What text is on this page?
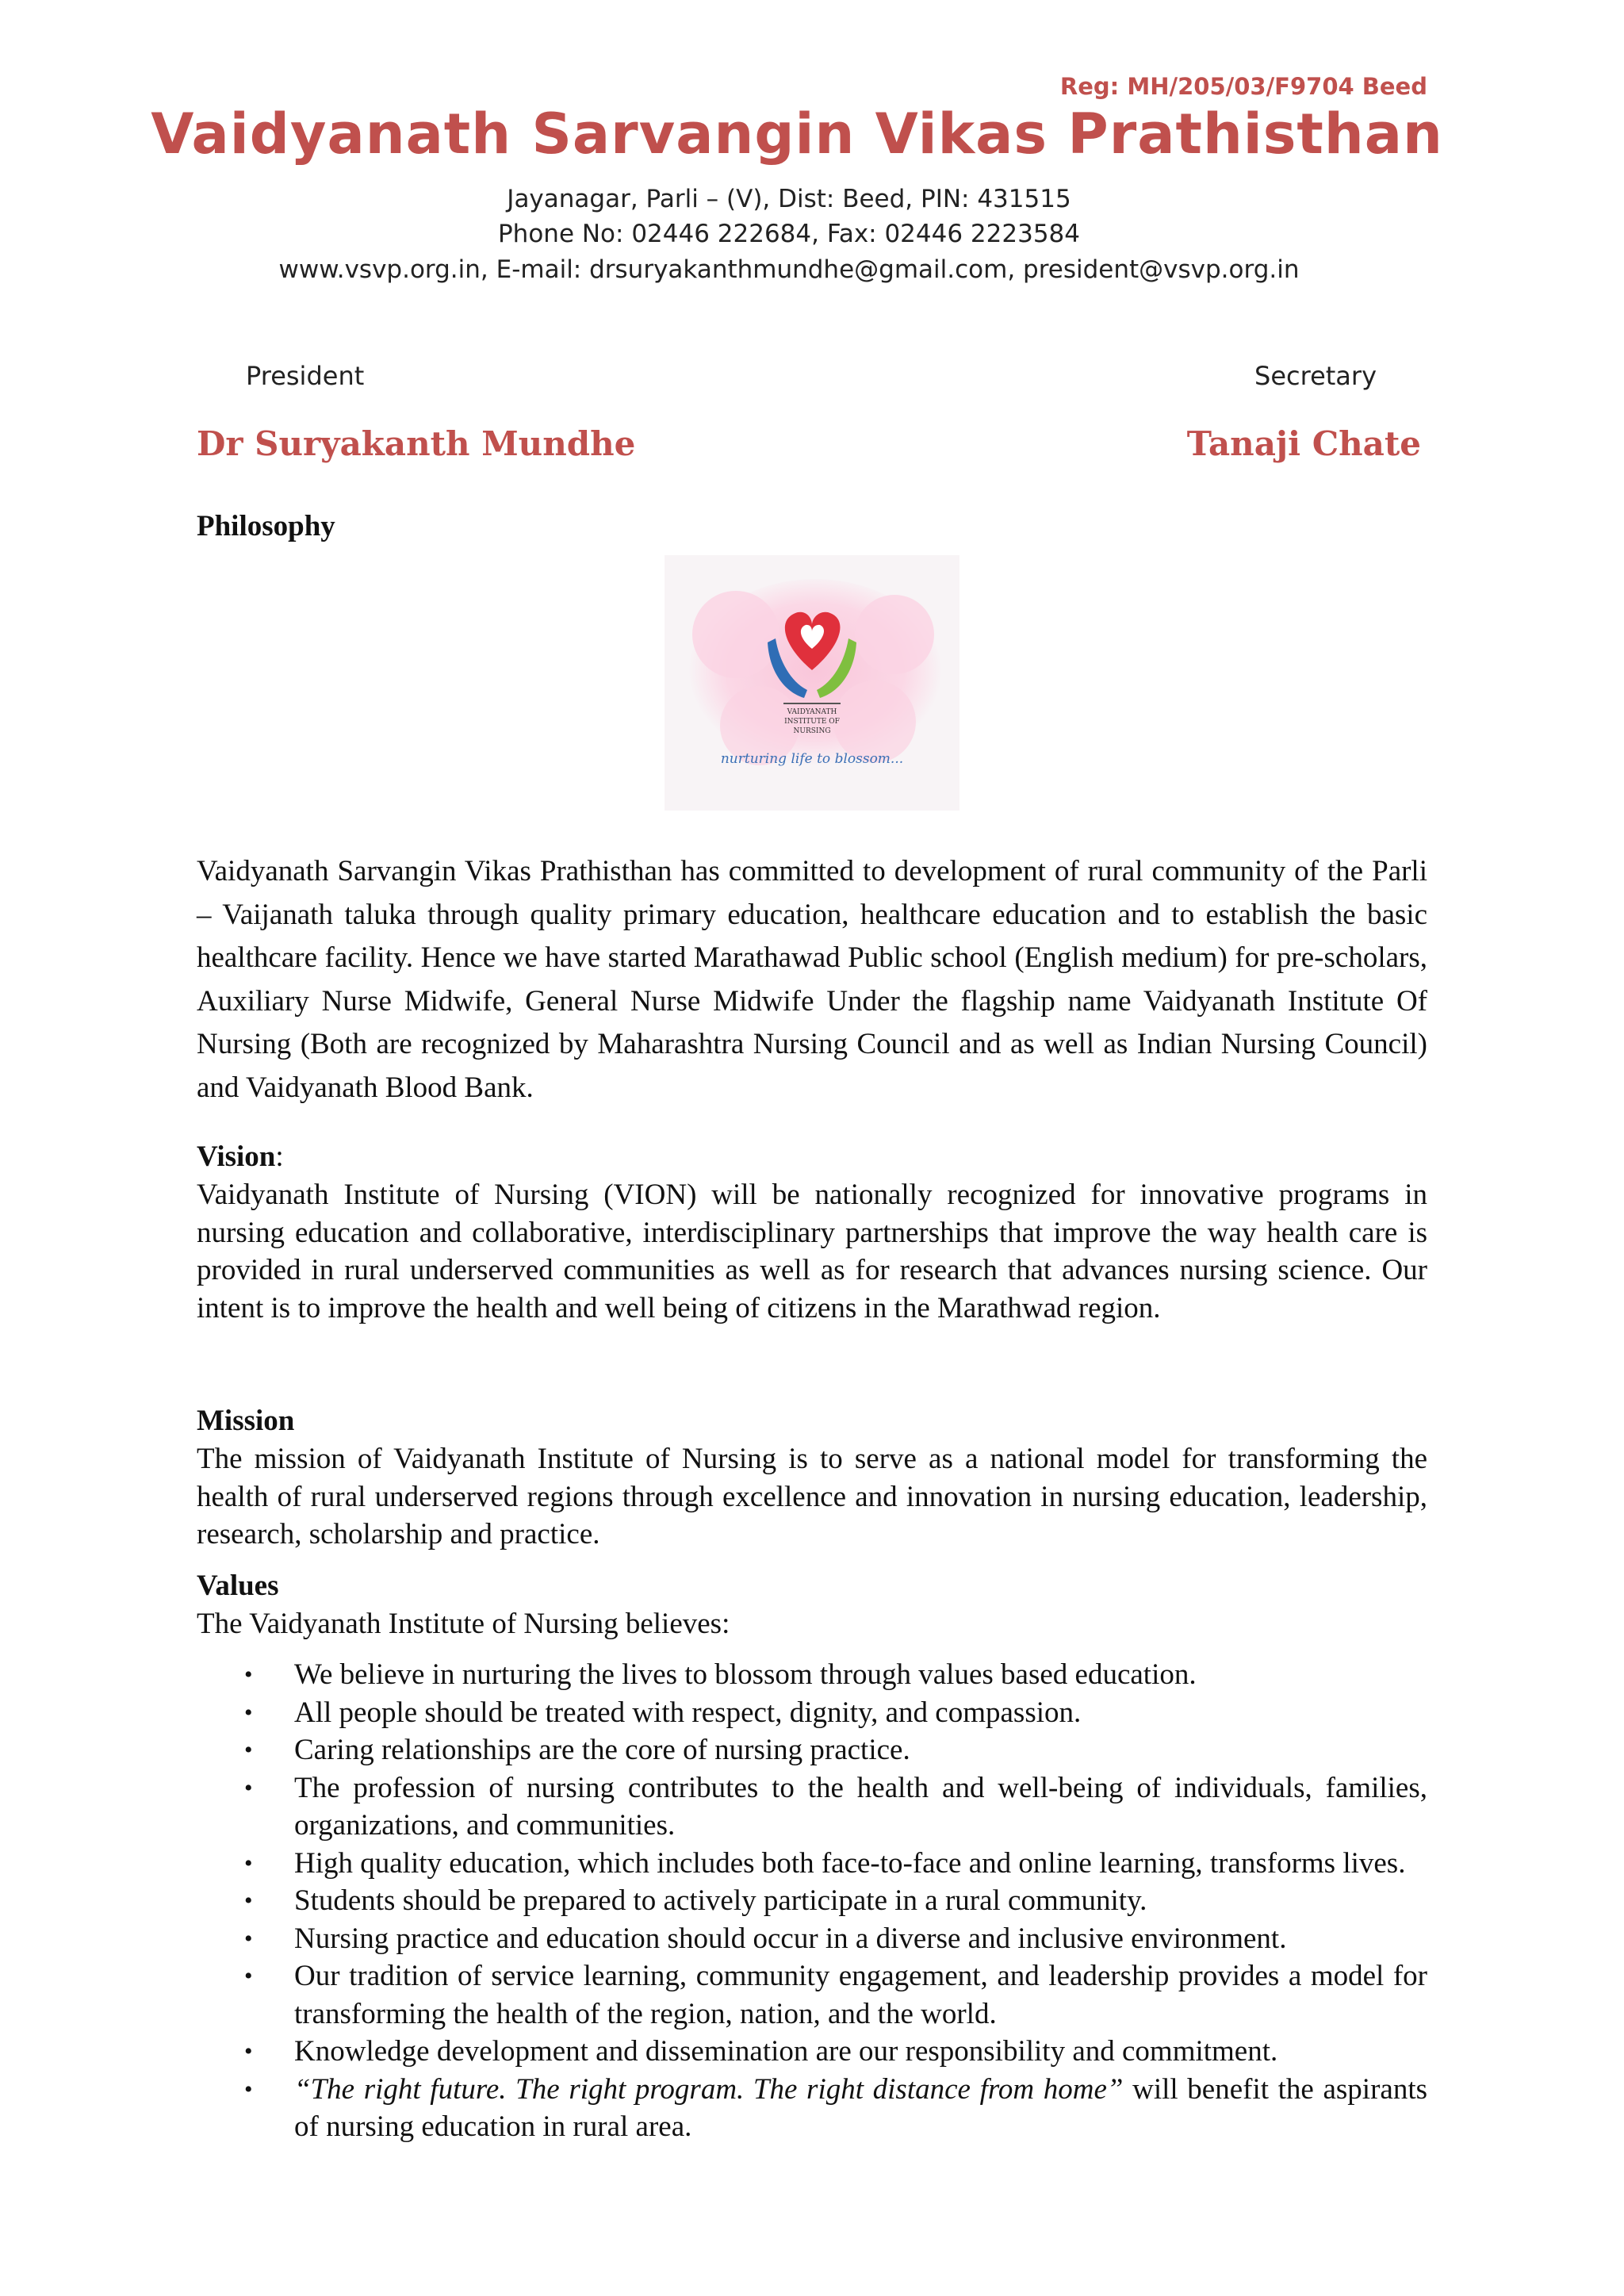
Reg: MH/205/03/F9704 Beed
Vaidyanath Sarvangin Vikas Prathisthan
Jayanagar, Parli – (V), Dist: Beed, PIN: 431515
Phone No: 02446 222684, Fax: 02446 2223584
www.vsvp.org.in, E-mail: drsuryakanthmundhe@gmail.com, president@vsvp.org.in
President	Secretary
Dr Suryakanth Mundhe	Tanaji Chate
Philosophy
VAIDYANATH
INSTITUTE OF
NURSING
nurturing life to blossom...
Vaidyanath Sarvangin Vikas Prathisthan has committed to development of rural community of the Parli – Vaijanath taluka through quality primary education, healthcare education and to establish the basic healthcare facility. Hence we have started Marathawad Public school (English medium) for pre-scholars, Auxiliary Nurse Midwife, General Nurse Midwife Under the flagship name Vaidyanath Institute Of Nursing (Both are recognized by Maharashtra Nursing Council and as well as Indian Nursing Council) and Vaidyanath Blood Bank.
Vision:
Vaidyanath Institute of Nursing (VION) will be nationally recognized for innovative programs in nursing education and collaborative, interdisciplinary partnerships that improve the way health care is provided in rural underserved communities as well as for research that advances nursing science. Our intent is to improve the health and well being of citizens in the Marathwad region.
Mission
The mission of Vaidyanath Institute of Nursing is to serve as a national model for transforming the health of rural underserved regions through excellence and innovation in nursing education, leadership, research, scholarship and practice.
Values
The Vaidyanath Institute of Nursing believes:
• We believe in nurturing the lives to blossom through values based education.
• All people should be treated with respect, dignity, and compassion.
• Caring relationships are the core of nursing practice.
• The profession of nursing contributes to the health and well-being of individuals, families, organizations, and communities.
• High quality education, which includes both face-to-face and online learning, transforms lives.
• Students should be prepared to actively participate in a rural community.
• Nursing practice and education should occur in a diverse and inclusive environment.
• Our tradition of service learning, community engagement, and leadership provides a model for transforming the health of the region, nation, and the world.
• Knowledge development and dissemination are our responsibility and commitment.
• “The right future. The right program. The right distance from home” will benefit the aspirants of nursing education in rural area.
